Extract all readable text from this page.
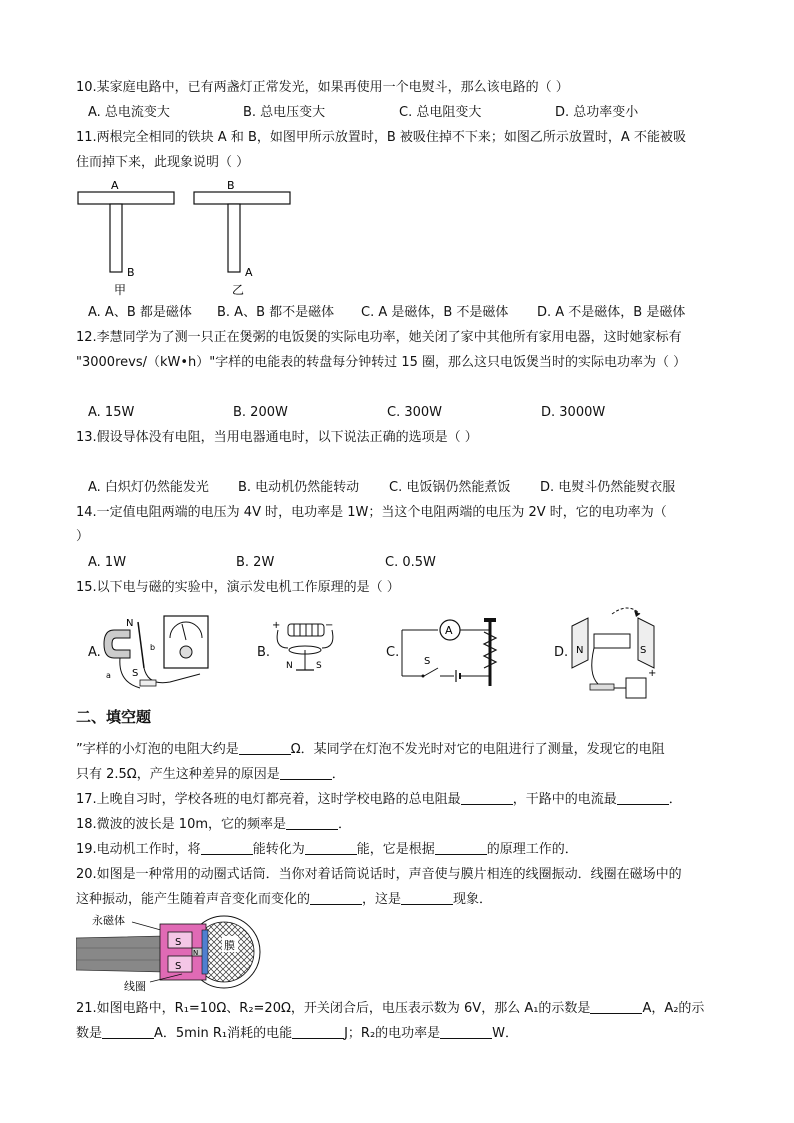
10.某家庭电路中，已有两盏灯正常发光，如果再使用一个电熨斗，那么该电路的（ ）
A. 总电流变大	B. 总电压变大	C. 总电阻变大	D. 总功率变小
11.两根完全相同的铁块 A 和 B，如图甲所示放置时，B 被吸住掉不下来；如图乙所示放置时，A 不能被吸
住而掉下来，此现象说明（ ）
A
B
甲
B
A
乙
A. A、B 都是磁体 B. A、B 都不是磁体 C. A 是磁体，B 不是磁体 D. A 不是磁体，B 是磁体
12.李慧同学为了测一只正在煲粥的电饭煲的实际电功率，她关闭了家中其他所有家用电器，这时她家标有
"3000revs/（kW•h）"字样的电能表的转盘每分钟转过 15 圈，那么这只电饭煲当时的实际电功率为（ ）
A. 15W	B. 200W	C. 300W	D. 3000W
13.假设导体没有电阻，当用电器通电时，以下说法正确的选项是（ ）
A. 白炽灯仍然能发光 B. 电动机仍然能转动 C. 电饭锅仍然能煮饭 D. 电熨斗仍然能熨衣服
14.一定值电阻两端的电压为 4V 时，电功率是 1W；当这个电阻两端的电压为 2V 时，它的电功率为（
）
A. 1W	B. 2W	C. 0.5W
15.以下电与磁的实验中，演示发电机工作原理的是（ ）
A.
N
S
b
a
B.
+	−
N	S
C.
A
S
D. N	S
+
二、填空题
”字样的小灯泡的电阻大约是	Ω．某同学在灯泡不发光时对它的电阻进行了测量，发现它的电阻
只有 2.5Ω，产生这种差异的原因是	．
17.上晚自习时，学校各班的电灯都亮着，这时学校电路的总电阻最	，干路中的电流最	．
18.微波的波长是 10m，它的频率是	．
19.电动机工作时，将	能转化为	能，它是根据	的原理工作的．
20.如图是一种常用的动圈式话筒．当你对着话筒说话时，声音使与膜片相连的线圈振动．线圈在磁场中的
这种振动，能产生随着声音变化而变化的	，这是	现象．
永磁体
S
S
N
膜
线圈
21.如图电路中，R₁=10Ω、R₂=20Ω，开关闭合后，电压表示数为 6V，那么 A₁的示数是	A，A₂的示
数是	A．5min R₁消耗的电能	J；R₂的电功率是	W．
